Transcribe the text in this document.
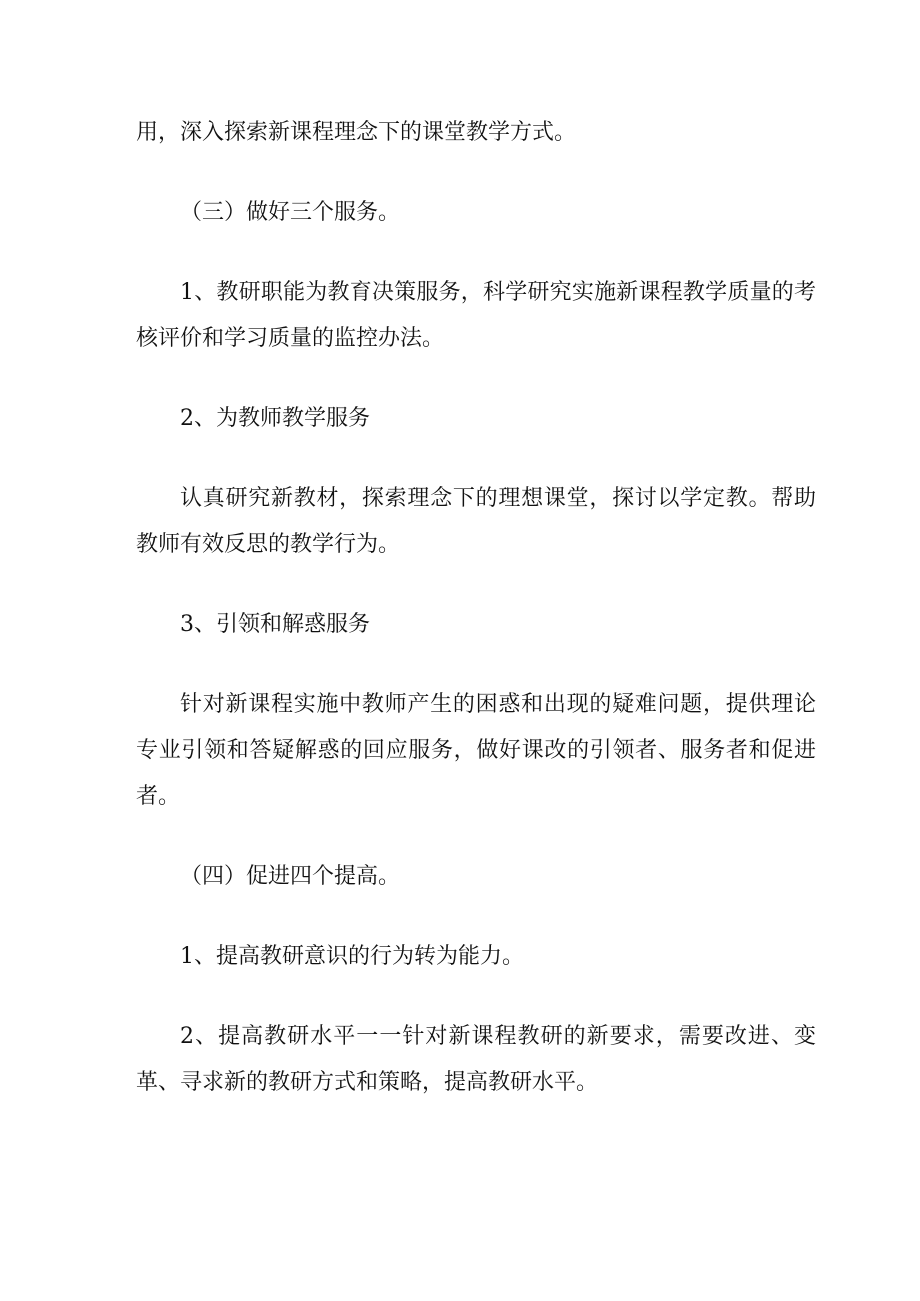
用，深入探索新课程理念下的课堂教学方式。

（三）做好三个服务。

1、教研职能为教育决策服务，科学研究实施新课程教学质量的考核评价和学习质量的监控办法。

2、为教师教学服务

认真研究新教材，探索理念下的理想课堂，探讨以学定教。帮助教师有效反思的教学行为。

3、引领和解惑服务

针对新课程实施中教师产生的困惑和出现的疑难问题，提供理论专业引领和答疑解惑的回应服务，做好课改的引领者、服务者和促进者。

（四）促进四个提高。

1、提高教研意识的行为转为能力。

2、提高教研水平一一针对新课程教研的新要求，需要改进、变革、寻求新的教研方式和策略，提高教研水平。
